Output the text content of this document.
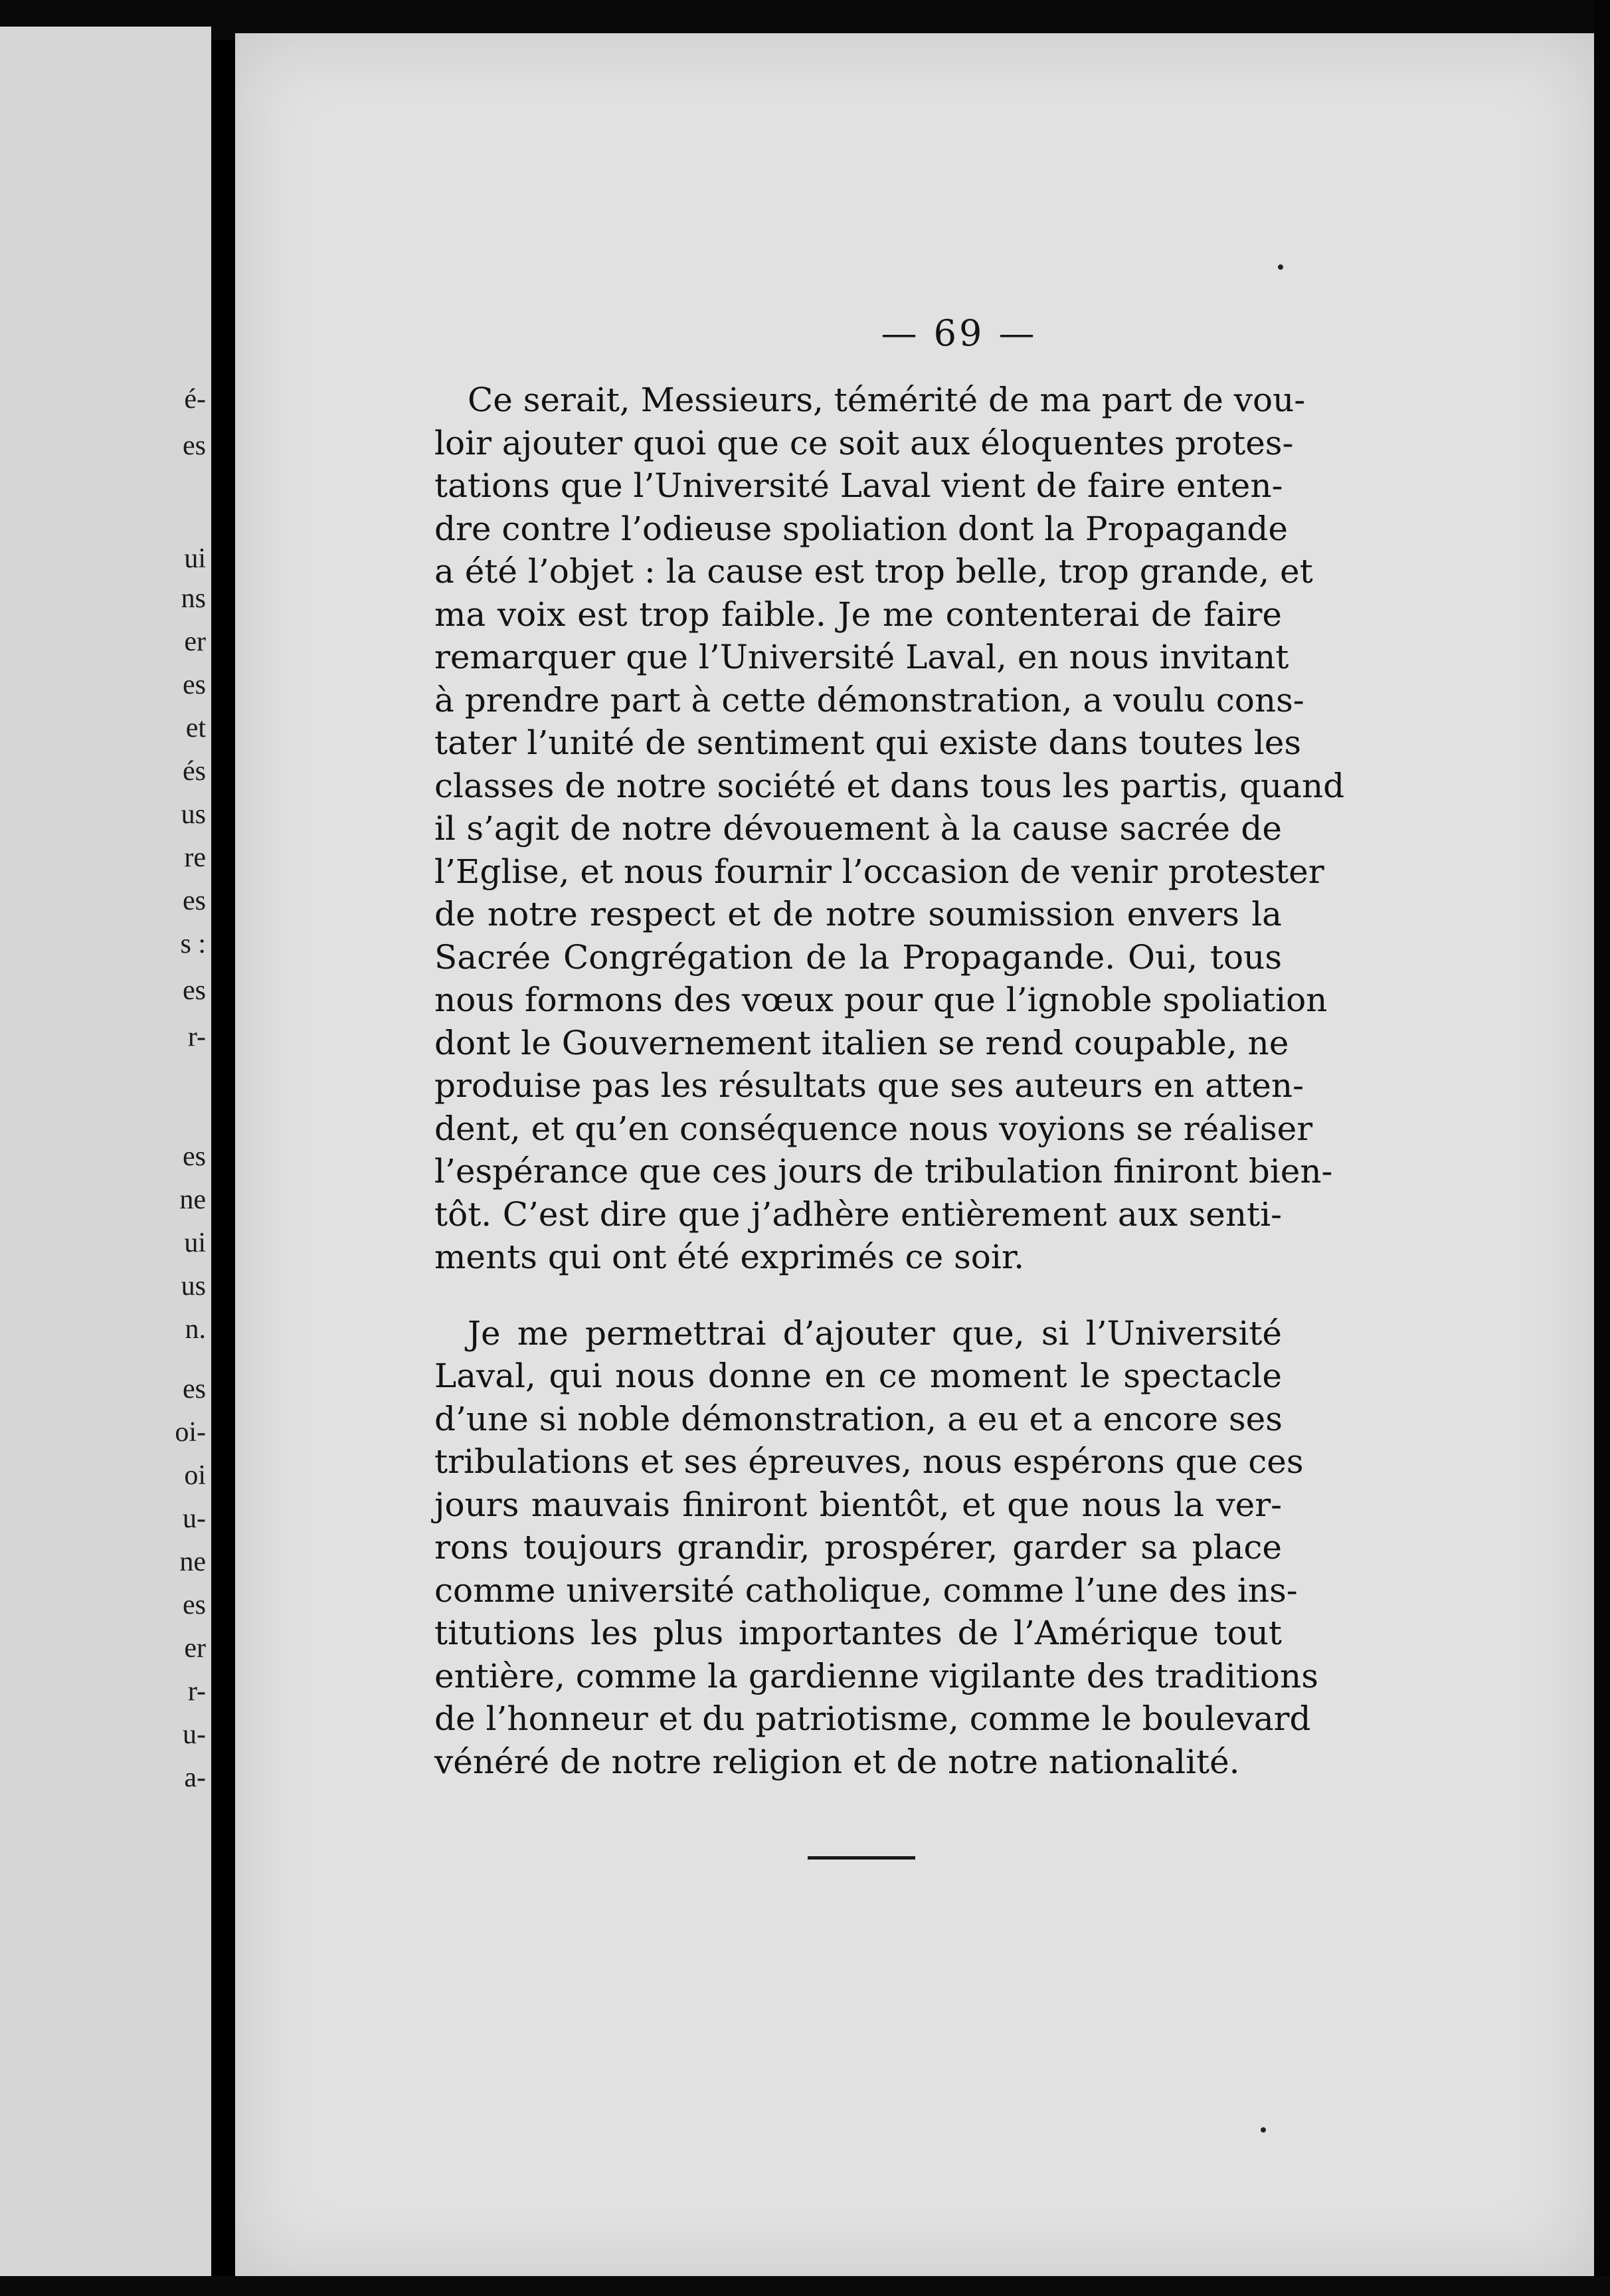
é-
es
ui
ns
er
es
et
és
us
re
es
s :
es
r-
es
ne
ui
us
n.
es
oi-
oi
u-
ne
es
er
r-
u-
a-
— 69 —

Ce serait, Messieurs, témérité de ma part de vou-
loir ajouter quoi que ce soit aux éloquentes protes-
tations que l’Université Laval vient de faire enten-
dre contre l’odieuse spoliation dont la Propagande
a été l’objet : la cause est trop belle, trop grande, et
ma voix est trop faible. Je me contenterai de faire
remarquer que l’Université Laval, en nous invitant
à prendre part à cette démonstration, a voulu cons-
tater l’unité de sentiment qui existe dans toutes les
classes de notre société et dans tous les partis, quand
il s’agit de notre dévouement à la cause sacrée de
l’Eglise, et nous fournir l’occasion de venir protester
de notre respect et de notre soumission envers la
Sacrée Congrégation de la Propagande. Oui, tous
nous formons des vœux pour que l’ignoble spoliation
dont le Gouvernement italien se rend coupable, ne
produise pas les résultats que ses auteurs en atten-
dent, et qu’en conséquence nous voyions se réaliser
l’espérance que ces jours de tribulation finiront bien-
tôt. C’est dire que j’adhère entièrement aux senti-
ments qui ont été exprimés ce soir.

Je me permettrai d’ajouter que, si l’Université
Laval, qui nous donne en ce moment le spectacle
d’une si noble démonstration, a eu et a encore ses
tribulations et ses épreuves, nous espérons que ces
jours mauvais finiront bientôt, et que nous la ver-
rons toujours grandir, prospérer, garder sa place
comme université catholique, comme l’une des ins-
titutions les plus importantes de l’Amérique tout
entière, comme la gardienne vigilante des traditions
de l’honneur et du patriotisme, comme le boulevard
vénéré de notre religion et de notre nationalité.
